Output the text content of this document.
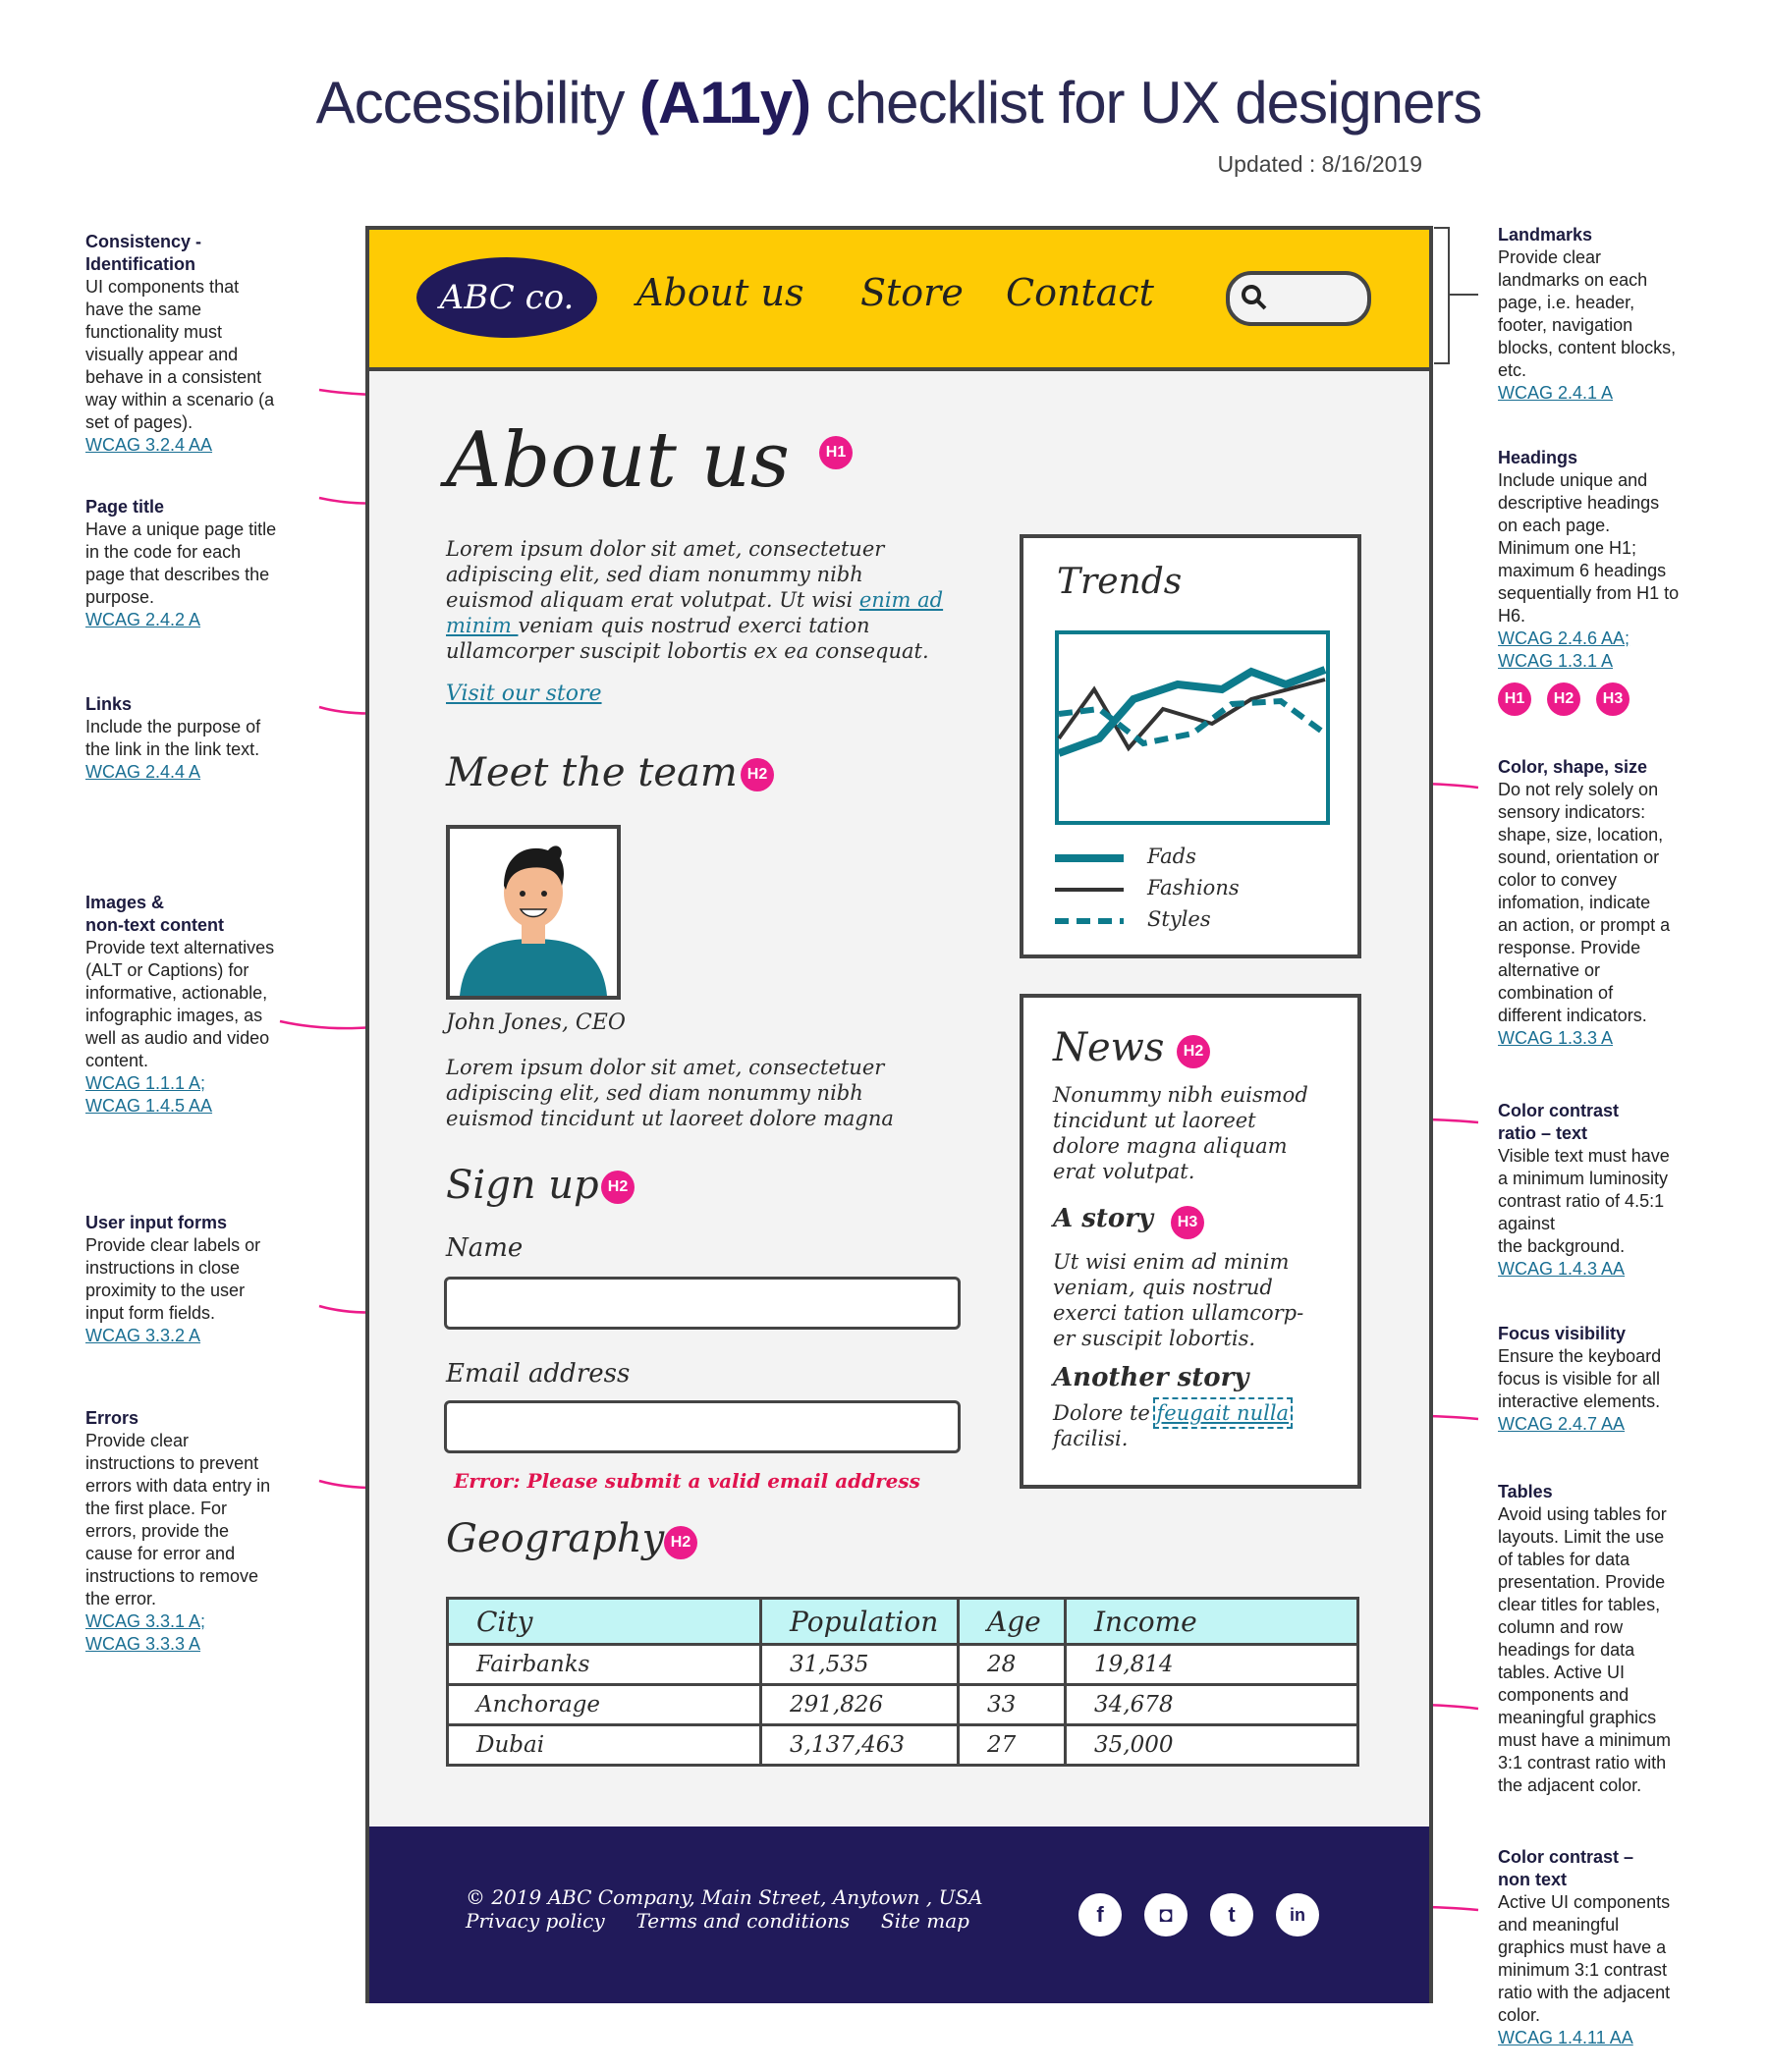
Accessibility (A11y) checklist for UX designers
Updated : 8/16/2019
Consistency -
Identification
UI components that
have the same
functionality must
visually appear and
behave in a consistent
way within a scenario (a
set of pages).
WCAG 3.2.4 AA
Page title
Have a unique page title
in the code for each
page that describes the
purpose.
WCAG 2.4.2 A
Links
Include the purpose of
the link in the link text.
WCAG 2.4.4 A
Images &
non-text content
Provide text alternatives
(ALT or Captions) for
informative, actionable,
infographic images, as
well as audio and video
content.
WCAG 1.1.1 A;
WCAG 1.4.5 AA
User input forms
Provide clear labels or
instructions in close
proximity to the user
input form fields.
WCAG 3.3.2 A
Errors
Provide clear
instructions to prevent
errors with data entry in
the first place. For
errors, provide the
cause for error and
instructions to remove
the error.
WCAG 3.3.1 A;
WCAG 3.3.3 A
Landmarks
Provide clear
landmarks on each
page, i.e. header,
footer, navigation
blocks, content blocks,
etc.
WCAG 2.4.1 A
Headings
Include unique and
descriptive headings
on each page.
Minimum one H1;
maximum 6 headings
sequentially from H1 to
H6.
WCAG 2.4.6 AA;
WCAG 1.3.1 A
H1	H2	H3
Color, shape, size
Do not rely solely on
sensory indicators:
shape, size, location,
sound, orientation or
color to convey
infomation, indicate
an action, or prompt a
response. Provide
alternative or
combination of
different indicators.
WCAG 1.3.3 A
Color contrast
ratio – text
Visible text must have
a minimum luminosity
contrast ratio of 4.5:1
against
the background.
WCAG 1.4.3 AA
Focus visibility
Ensure the keyboard
focus is visible for all
interactive elements.
WCAG 2.4.7 AA
Tables
Avoid using tables for
layouts. Limit the use
of tables for data
presentation. Provide
clear titles for tables,
column and row
headings for data
tables. Active UI
components and
meaningful graphics
must have a minimum
3:1 contrast ratio with
the adjacent color.
Color contrast –
non text
Active UI components
and meaningful
graphics must have a
minimum 3:1 contrast
ratio with the adjacent
color.
WCAG 1.4.11 AA
ABC co.	About us Store Contact
About us	H1
Lorem ipsum dolor sit amet, consectetuer
adipiscing elit, sed diam nonummy nibh
euismod aliquam erat volutpat. Ut wisi enim ad minim veniam quis nostrud exerci tation
ullamcorper suscipit lobortis ex ea consequat.
Visit our store
Meet the team H2
John Jones, CEO
Lorem ipsum dolor sit amet, consectetuer
adipiscing elit, sed diam nonummy nibh
euismod tincidunt ut laoreet dolore magna
Sign up H2
Name
Email address
Error: Please submit a valid email address
Geography H2
City	Population	Age	Income
Fairbanks	31,535	28	19,814
Anchorage	291,826	33	34,678
Dubai	3,137,463	27	35,000
Trends
Fads
Fashions
Styles
News	H2
Nonummy nibh euismod
tincidunt ut laoreet
dolore magna aliquam
erat volutpat.
A story	H3
Ut wisi enim ad minim
veniam, quis nostrud
exerci tation ullamcorp-
er suscipit lobortis.
Another story
Dolore te feugait nulla
facilisi.
© 2019 ABC Company, Main Street, Anytown , USA
Privacy policy Terms and conditions Site map	f	◘	t	in
